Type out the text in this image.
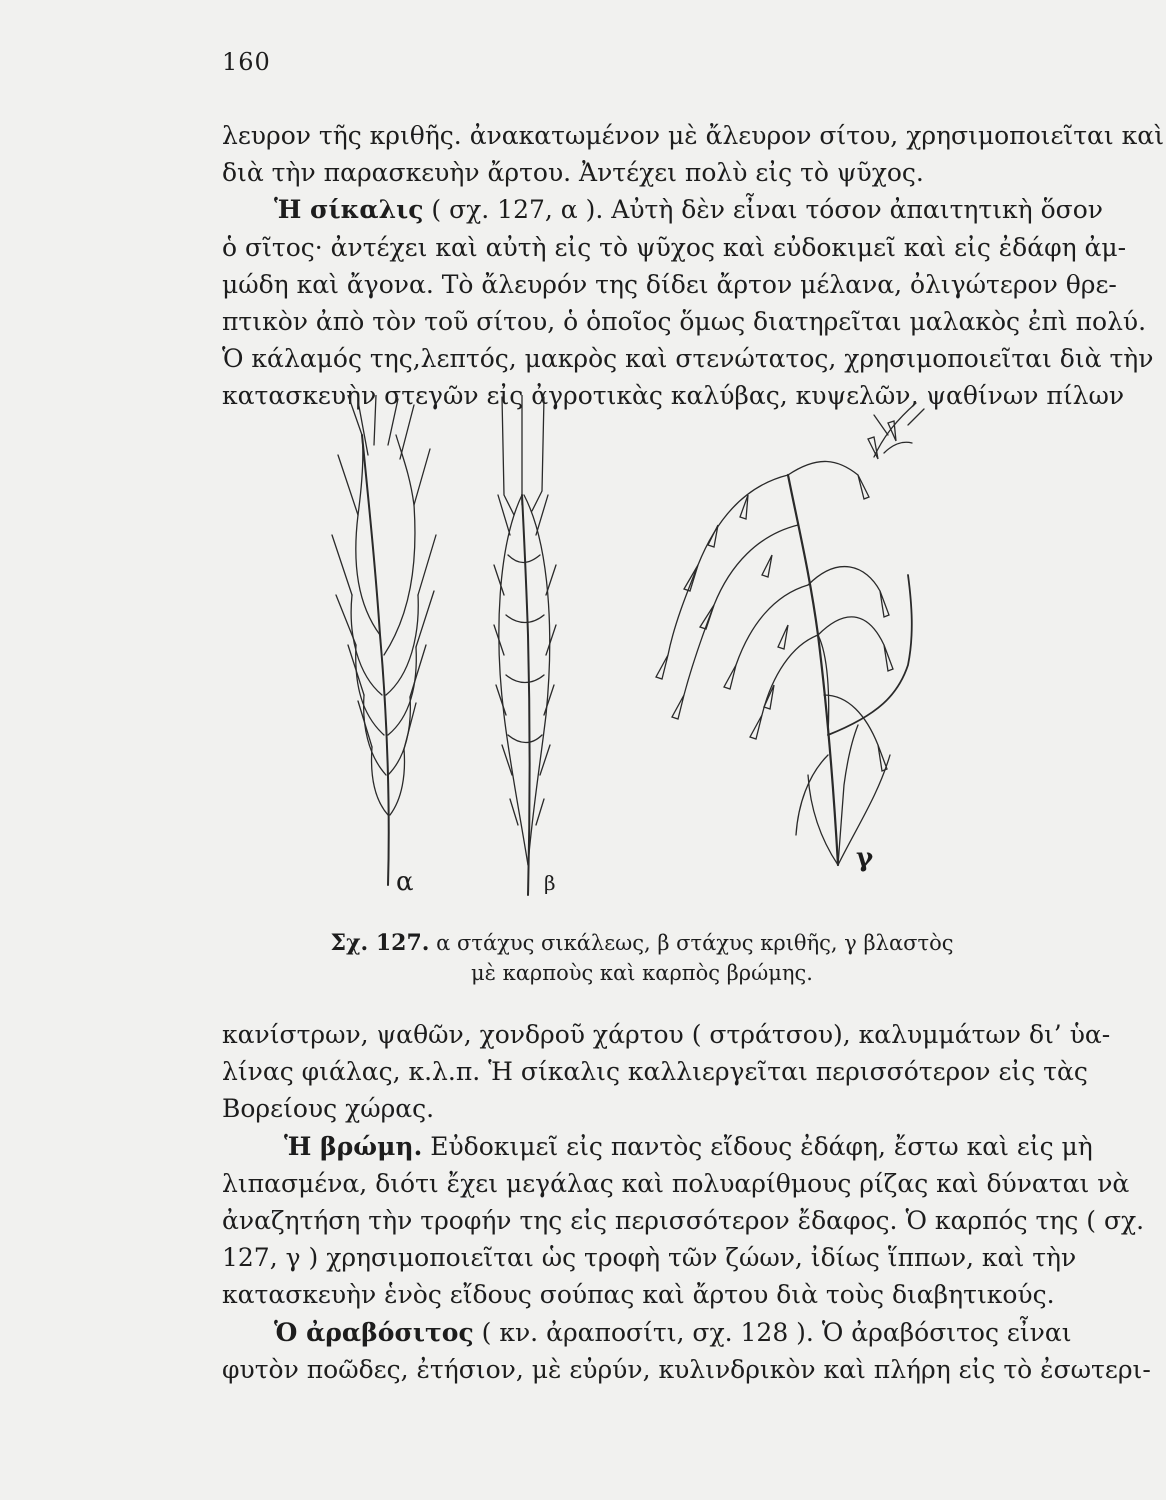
160
λευρον τῆς κριθῆς. ἀνακατωμένον μὲ ἄλευρον σίτου, χρησιμοποιεῖται καὶ
διὰ τὴν παρασκευὴν ἄρτου. Ἀντέχει πολὺ εἰς τὸ ψῦχος.
Ἡ σίκαλις ( σχ. 127, α ). Αὐτὴ δὲν εἶναι τόσον ἀπαιτητικὴ ὅσον
ὁ σῖτος· ἀντέχει καὶ αὐτὴ εἰς τὸ ψῦχος καὶ εὐδοκιμεῖ καὶ εἰς ἐδάφη ἀμ-
μώδη καὶ ἄγονα. Τὸ ἄλευρόν της δίδει ἄρτον μέλανα, ὀλιγώτερον θρε-
πτικὸν ἀπὸ τὸν τοῦ σίτου, ὁ ὁποῖος ὅμως διατηρεῖται μαλακὸς ἐπὶ πολύ.
Ὁ κάλαμός της,λεπτός, μακρὸς καὶ στενώτατος, χρησιμοποιεῖται διὰ τὴν
κατασκευὴν στεγῶν εἰς ἀγροτικὰς καλύβας, κυψελῶν, ψαθίνων πίλων
α	β
γ
Σχ. 127. α στάχυς σικάλεως, β στάχυς κριθῆς, γ βλαστὸς
μὲ καρποὺς καὶ καρπὸς βρώμης.
κανίστρων, ψαθῶν, χονδροῦ χάρτου ( στράτσου), καλυμμάτων δι’ ὑα-
λίνας φιάλας, κ.λ.π. Ἡ σίκαλις καλλιεργεῖται περισσότερον εἰς τὰς
Βορείους χώρας.
Ἡ βρώμη. Εὐδοκιμεῖ εἰς παντὸς εἴδους ἐδάφη, ἔστω καὶ εἰς μὴ
λιπασμένα, διότι ἔχει μεγάλας καὶ πολυαρίθμους ρίζας καὶ δύναται νὰ
ἀναζητήση τὴν τροφήν της εἰς περισσότερον ἔδαφος. Ὁ καρπός της ( σχ.
127, γ ) χρησιμοποιεῖται ὡς τροφὴ τῶν ζώων, ἰδίως ἵππων, καὶ τὴν
κατασκευὴν ἑνὸς εἴδους σούπας καὶ ἄρτου διὰ τοὺς διαβητικούς.
Ὁ ἀραβόσιτος ( κν. ἀραποσίτι, σχ. 128 ). Ὁ ἀραβόσιτος εἶναι
φυτὸν ποῶδες, ἐτήσιον, μὲ εὐρύν, κυλινδρικὸν καὶ πλήρη εἰς τὸ ἐσωτερι-
